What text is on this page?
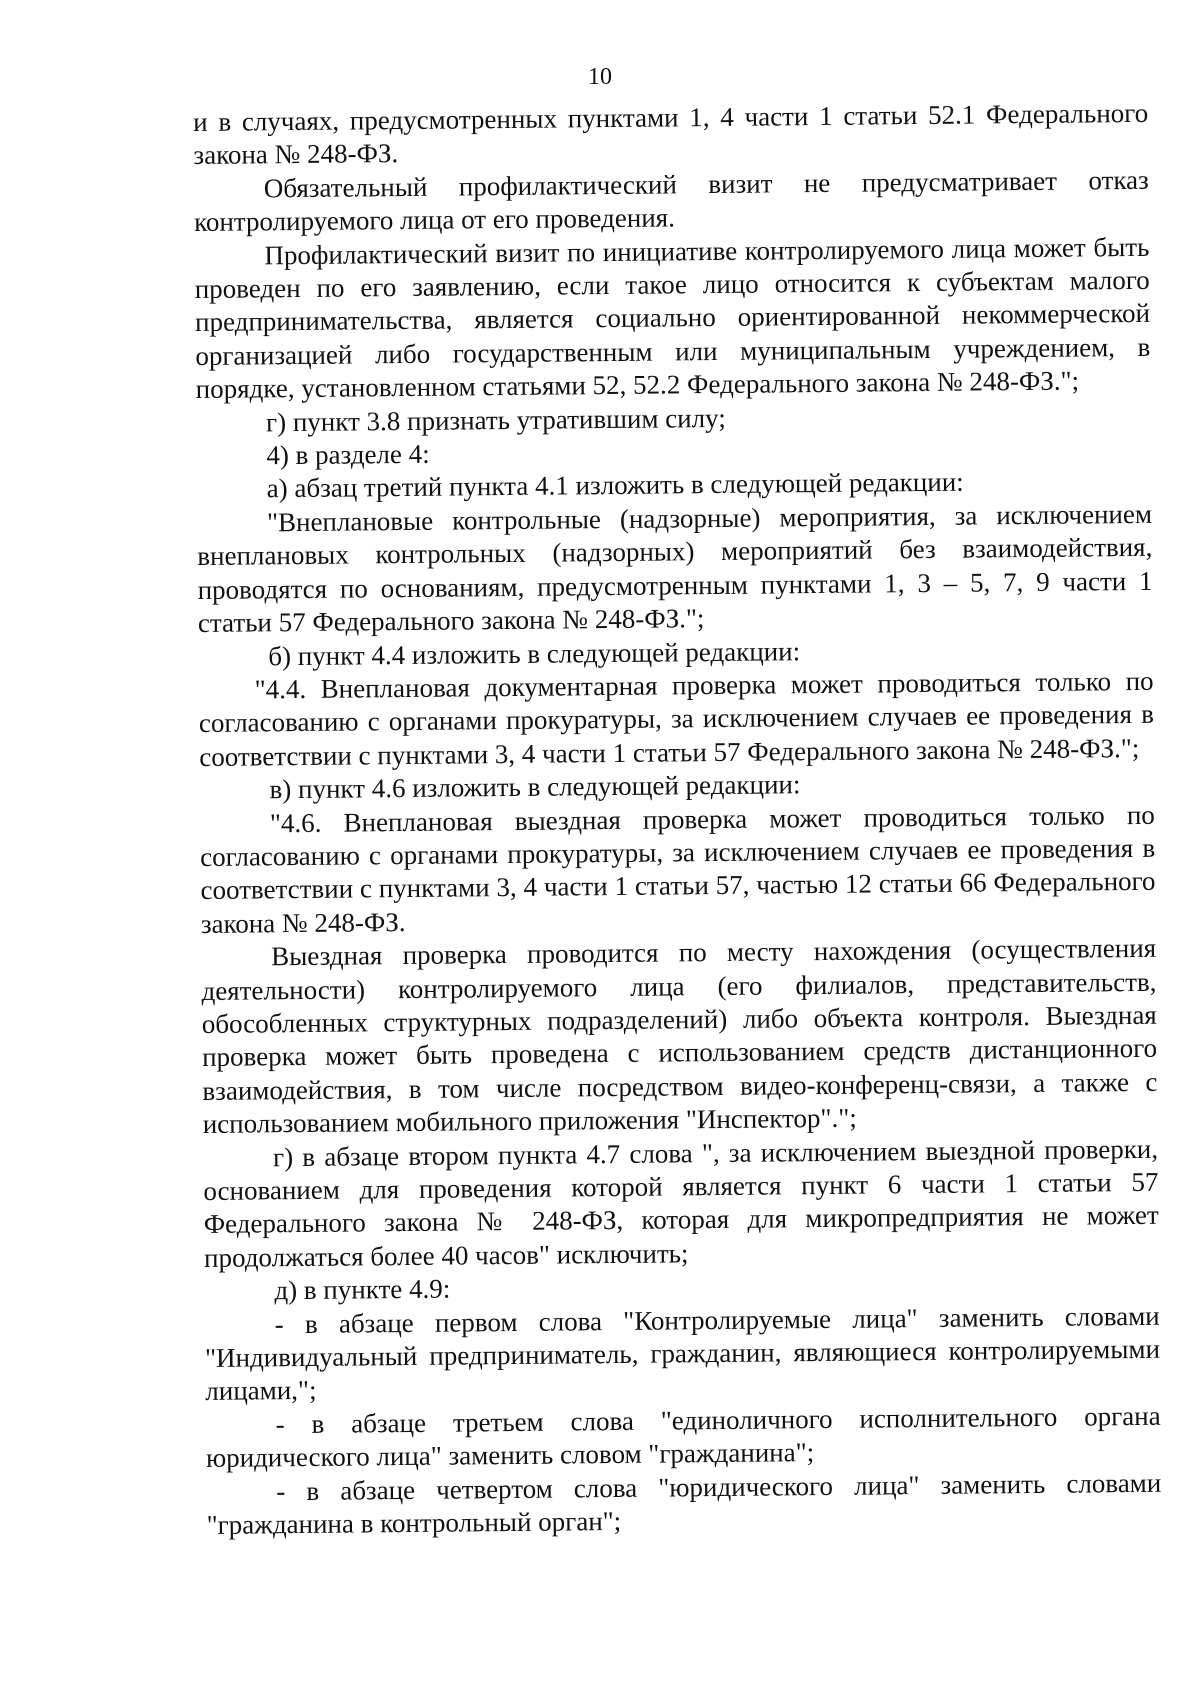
10

и в случаях, предусмотренных пунктами 1, 4 части 1 статьи 52.1 Федерального закона № 248-ФЗ.

Обязательный профилактический визит не предусматривает отказ контролируемого лица от его проведения.

Профилактический визит по инициативе контролируемого лица может быть проведен по его заявлению, если такое лицо относится к субъектам малого предпринимательства, является социально ориентированной некоммерческой организацией либо государственным или муниципальным учреждением, в порядке, установленном статьями 52, 52.2 Федерального закона № 248-ФЗ.";

г) пункт 3.8 признать утратившим силу;

4) в разделе 4:

а) абзац третий пункта 4.1 изложить в следующей редакции:

"Внеплановые контрольные (надзорные) мероприятия, за исключением внеплановых контрольных (надзорных) мероприятий без взаимодействия, проводятся по основаниям, предусмотренным пунктами 1, 3 – 5, 7, 9 части 1 статьи 57 Федерального закона № 248-ФЗ.";

б) пункт 4.4 изложить в следующей редакции:

"4.4. Внеплановая документарная проверка может проводиться только по согласованию с органами прокуратуры, за исключением случаев ее проведения в соответствии с пунктами 3, 4 части 1 статьи 57 Федерального закона № 248-ФЗ.";

в) пункт 4.6 изложить в следующей редакции:

"4.6. Внеплановая выездная проверка может проводиться только по согласованию с органами прокуратуры, за исключением случаев ее проведения в соответствии с пунктами 3, 4 части 1 статьи 57, частью 12 статьи 66 Федерального закона № 248-ФЗ.

Выездная проверка проводится по месту нахождения (осуществления деятельности) контролируемого лица (его филиалов, представительств, обособленных структурных подразделений) либо объекта контроля. Выездная проверка может быть проведена с использованием средств дистанционного взаимодействия, в том числе посредством видео-конференц-связи, а также с использованием мобильного приложения "Инспектор".";

г) в абзаце втором пункта 4.7 слова ", за исключением выездной проверки, основанием для проведения которой является пункт 6 части 1 статьи 57 Федерального закона № 248-ФЗ, которая для микропредприятия не может продолжаться более 40 часов" исключить;

д) в пункте 4.9:

- в абзаце первом слова "Контролируемые лица" заменить словами "Индивидуальный предприниматель, гражданин, являющиеся контролируемыми лицами,";

- в абзаце третьем слова "единоличного исполнительного органа юридического лица" заменить словом "гражданина";

- в абзаце четвертом слова "юридического лица" заменить словами "гражданина в контрольный орган";
